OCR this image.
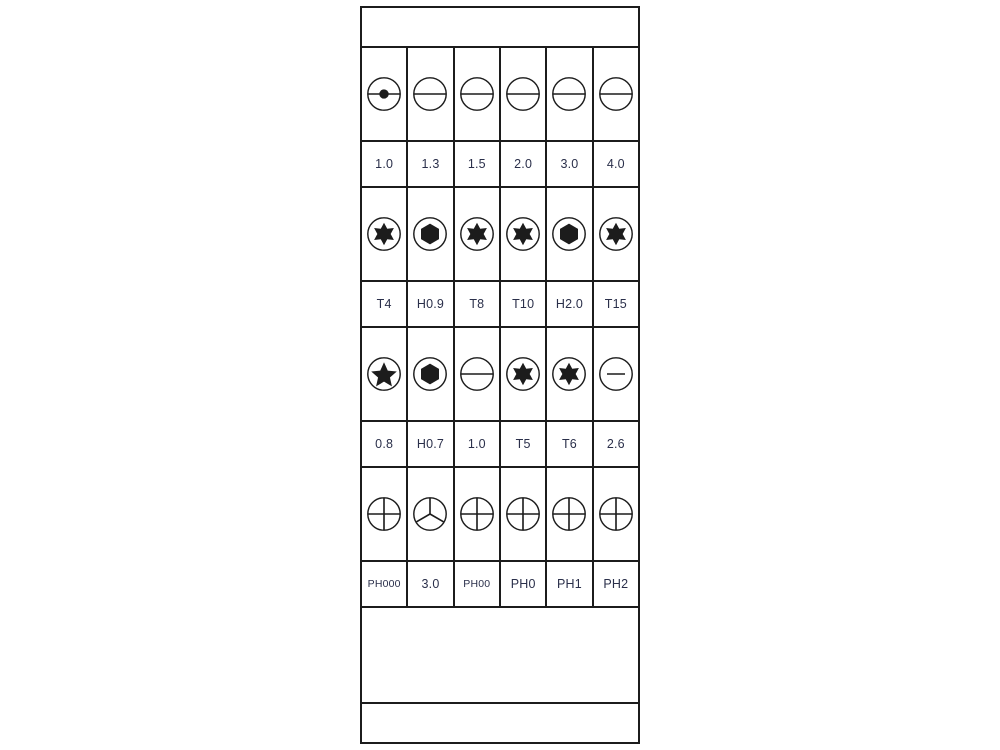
1.0 1.3 1.5 2.0 3.0 4.0
T4 H0.9 T8 T10 H2.0 T15
0.8 H0.7 1.0 T5	T6 2.6
PH000 3.0 PH00 PH0 PH1 PH2
